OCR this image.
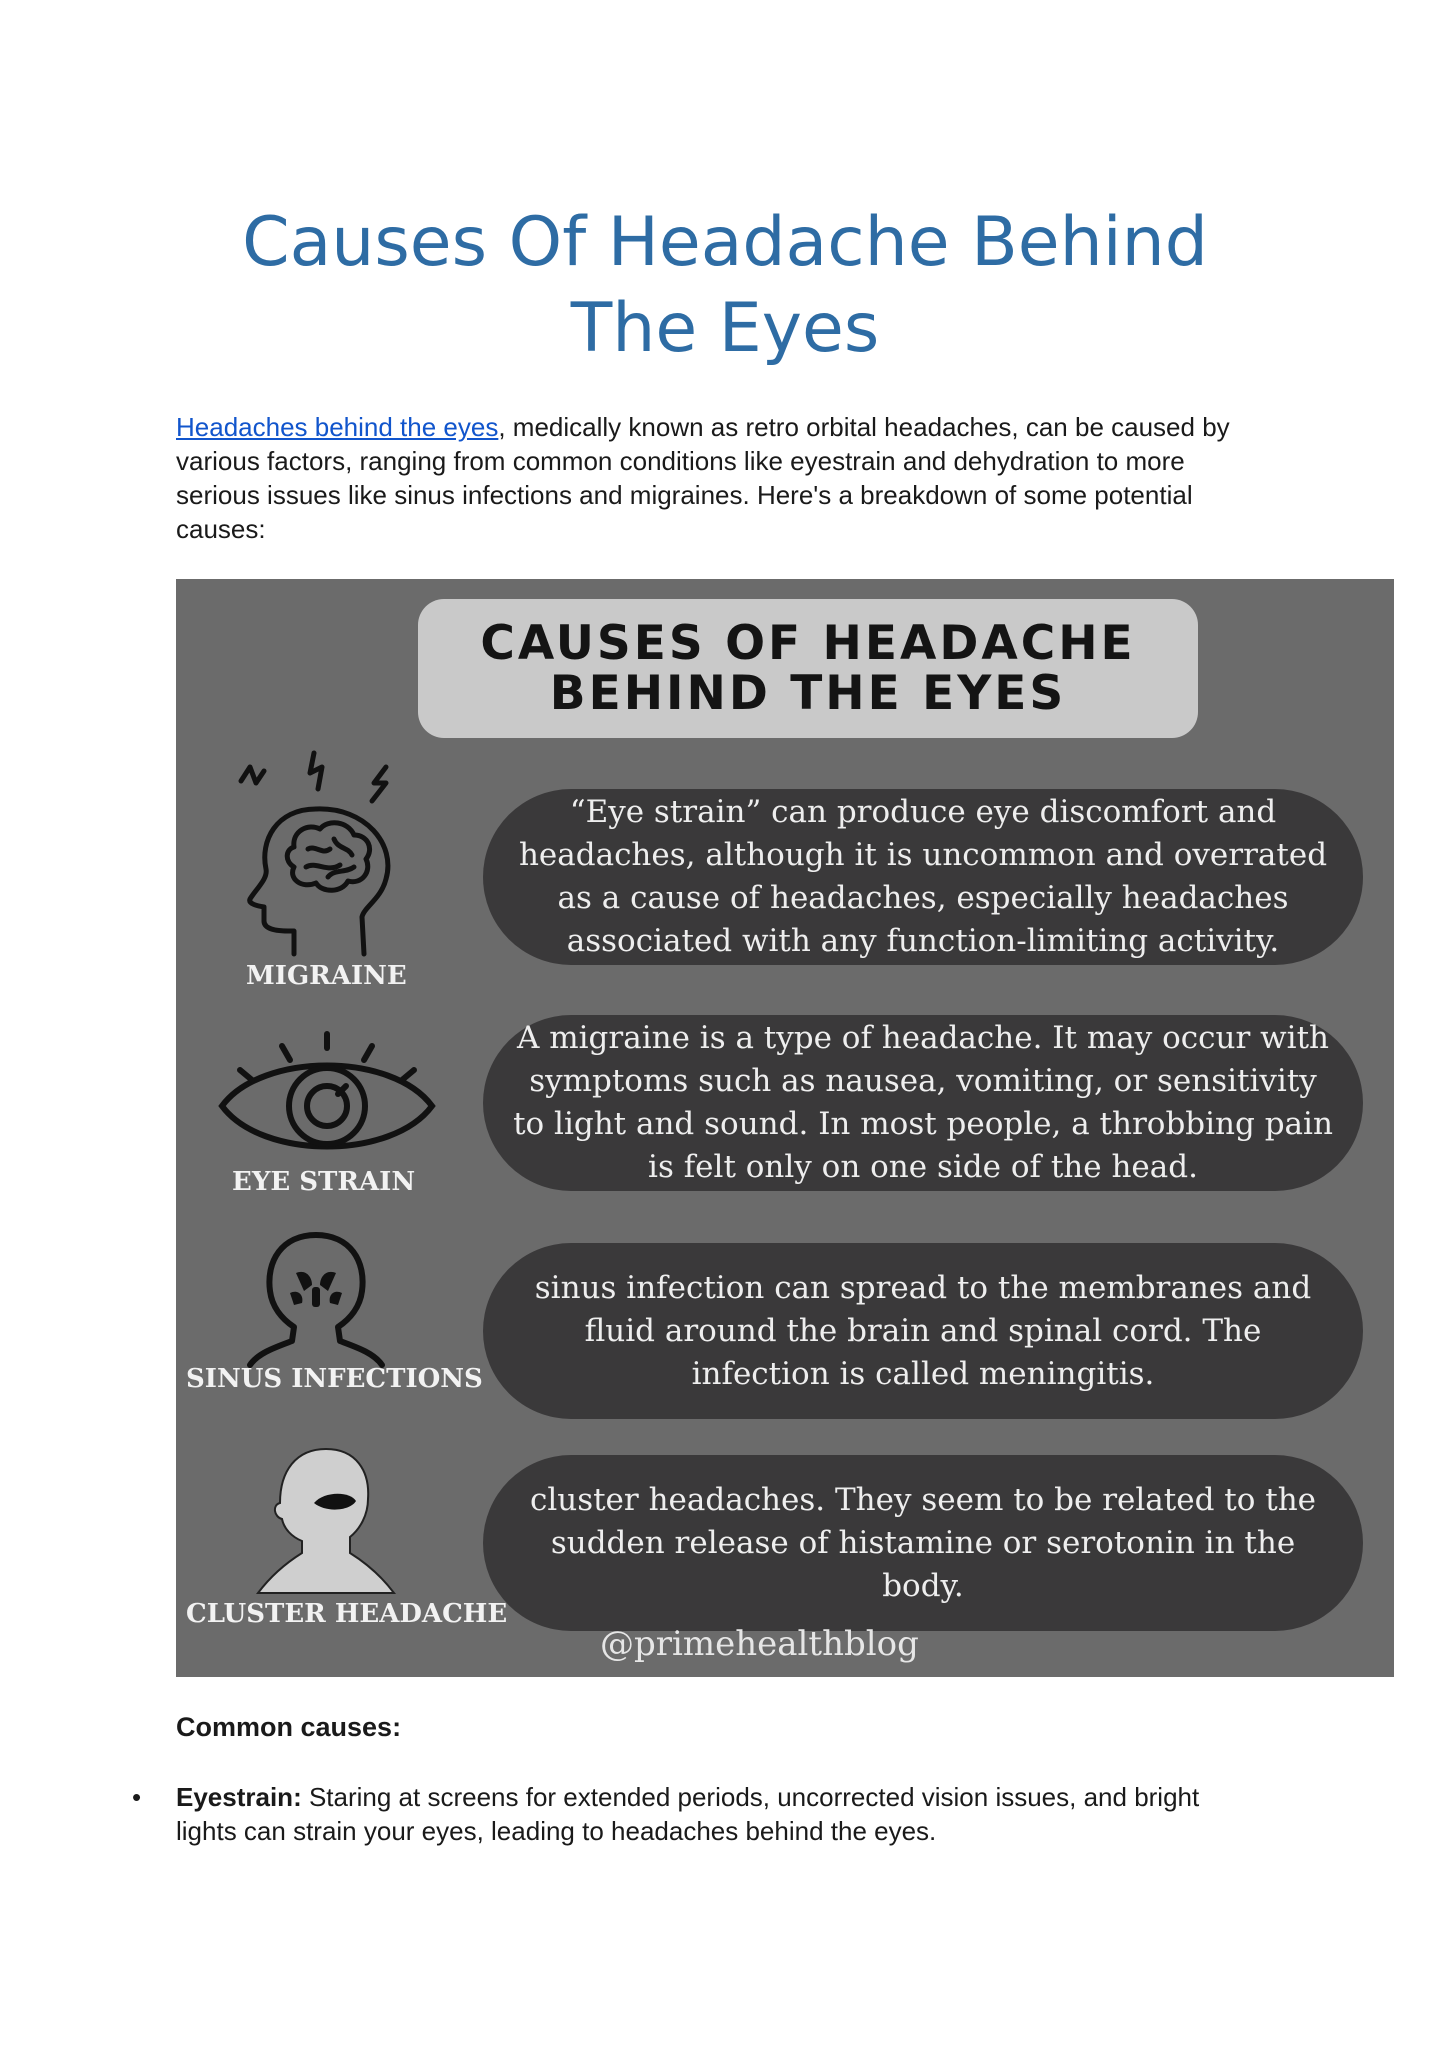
Causes Of Headache Behind The Eyes

Headaches behind the eyes, medically known as retro orbital headaches, can be caused by various factors, ranging from common conditions like eyestrain and dehydration to more serious issues like sinus infections and migraines. Here's a breakdown of some potential causes:

CAUSES OF HEADACHE
BEHIND THE EYES
MIGRAINE
“Eye strain” can produce eye discomfort and headaches, although it is uncommon and overrated as a cause of headaches, especially headaches associated with any function-limiting activity.
EYE STRAIN
A migraine is a type of headache. It may occur with symptoms such as nausea, vomiting, or sensitivity to light and sound. In most people, a throbbing pain is felt only on one side of the head.
SINUS INFECTIONS
sinus infection can spread to the membranes and fluid around the brain and spinal cord. The infection is called meningitis.
CLUSTER HEADACHE
cluster headaches. They seem to be related to the sudden release of histamine or serotonin in the body.
@primehealthblog
Common causes:
• Eyestrain: Staring at screens for extended periods, uncorrected vision issues, and bright lights can strain your eyes, leading to headaches behind the eyes.
